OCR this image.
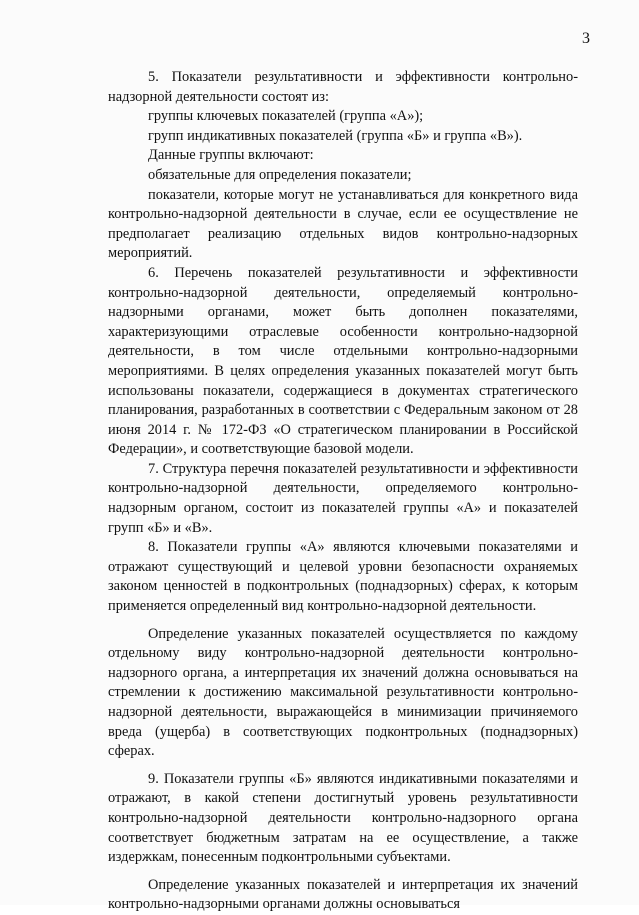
3

5. Показатели результативности и эффективности контрольно-надзорной деятельности состоят из:

группы ключевых показателей (группа «А»);

групп индикативных показателей (группа «Б» и группа «В»).

Данные группы включают:

обязательные для определения показатели;

показатели, которые могут не устанавливаться для конкретного вида контрольно-надзорной деятельности в случае, если ее осуществление не предполагает реализацию отдельных видов контрольно-надзорных мероприятий.

6. Перечень показателей результативности и эффективности контрольно-надзорной деятельности, определяемый контрольно-надзорными органами, может быть дополнен показателями, характеризующими отраслевые особенности контрольно-надзорной деятельности, в том числе отдельными контрольно-надзорными мероприятиями. В целях определения указанных показателей могут быть использованы показатели, содержащиеся в документах стратегического планирования, разработанных в соответствии с Федеральным законом от 28 июня 2014 г. № 172-ФЗ «О стратегическом планировании в Российской Федерации», и соответствующие базовой модели.

7. Структура перечня показателей результативности и эффективности контрольно-надзорной деятельности, определяемого контрольно-надзорным органом, состоит из показателей группы «А» и показателей групп «Б» и «В».

8. Показатели группы «А» являются ключевыми показателями и отражают существующий и целевой уровни безопасности охраняемых законом ценностей в подконтрольных (поднадзорных) сферах, к которым применяется определенный вид контрольно-надзорной деятельности.

Определение указанных показателей осуществляется по каждому отдельному виду контрольно-надзорной деятельности контрольно-надзорного органа, а интерпретация их значений должна основываться на стремлении к достижению максимальной результативности контрольно-надзорной деятельности, выражающейся в минимизации причиняемого вреда (ущерба) в соответствующих подконтрольных (поднадзорных) сферах.

9. Показатели группы «Б» являются индикативными показателями и отражают, в какой степени достигнутый уровень результативности контрольно-надзорной деятельности контрольно-надзорного органа соответствует бюджетным затратам на ее осуществление, а также издержкам, понесенным подконтрольными субъектами.

Определение указанных показателей и интерпретация их значений контрольно-надзорными органами должны основываться
